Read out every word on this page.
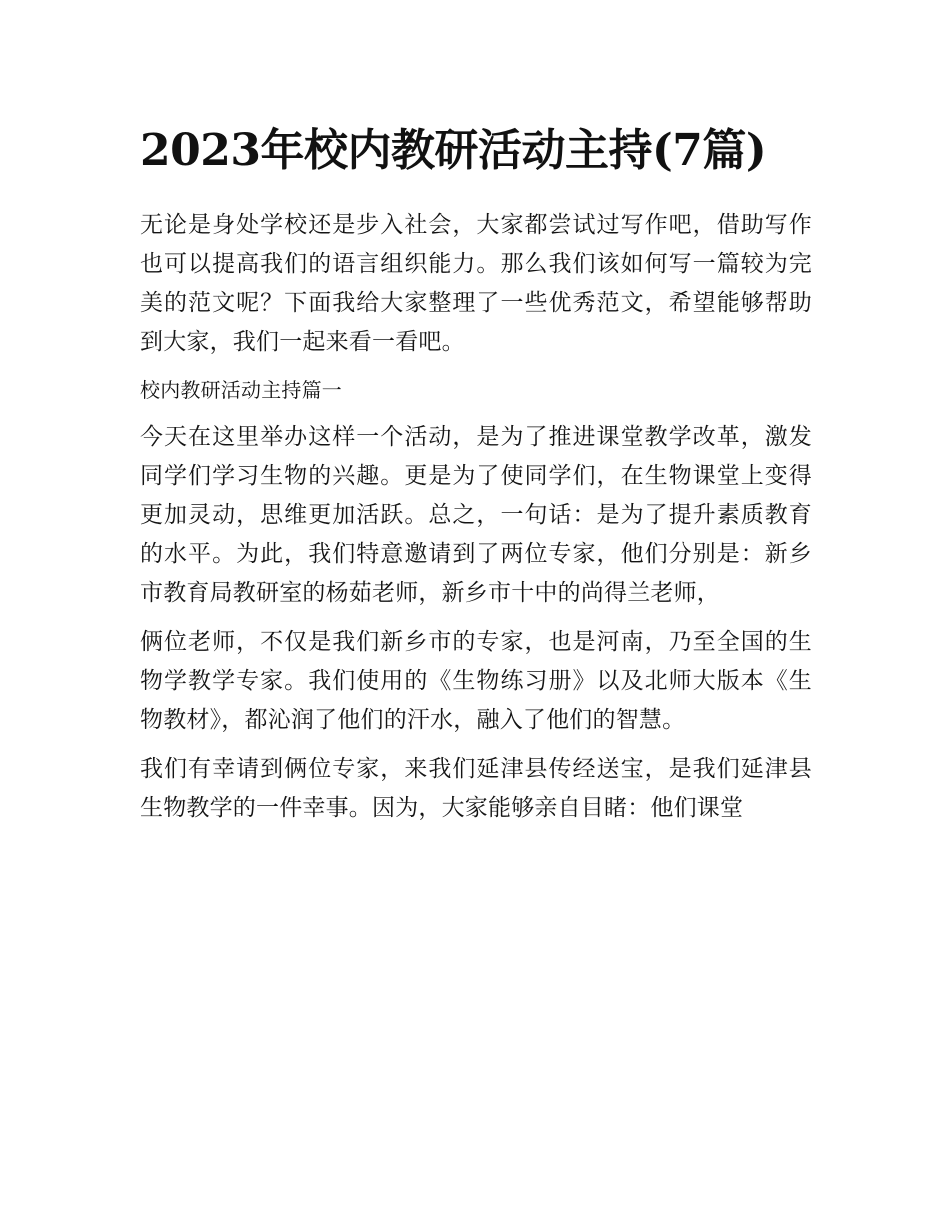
2023年校内教研活动主持(7篇)

无论是身处学校还是步入社会，大家都尝试过写作吧，借助写作也可以提高我们的语言组织能力。那么我们该如何写一篇较为完美的范文呢？下面我给大家整理了一些优秀范文，希望能够帮助到大家，我们一起来看一看吧。

校内教研活动主持篇一

今天在这里举办这样一个活动，是为了推进课堂教学改革，激发同学们学习生物的兴趣。更是为了使同学们，在生物课堂上变得更加灵动，思维更加活跃。总之，一句话：是为了提升素质教育的水平。为此，我们特意邀请到了两位专家，他们分别是：新乡市教育局教研室的杨茹老师，新乡市十中的尚得兰老师，

俩位老师，不仅是我们新乡市的专家，也是河南，乃至全国的生物学教学专家。我们使用的《生物练习册》以及北师大版本《生物教材》，都沁润了他们的汗水，融入了他们的智慧。

我们有幸请到俩位专家，来我们延津县传经送宝，是我们延津县生物教学的一件幸事。因为，大家能够亲自目睹：他们课堂
